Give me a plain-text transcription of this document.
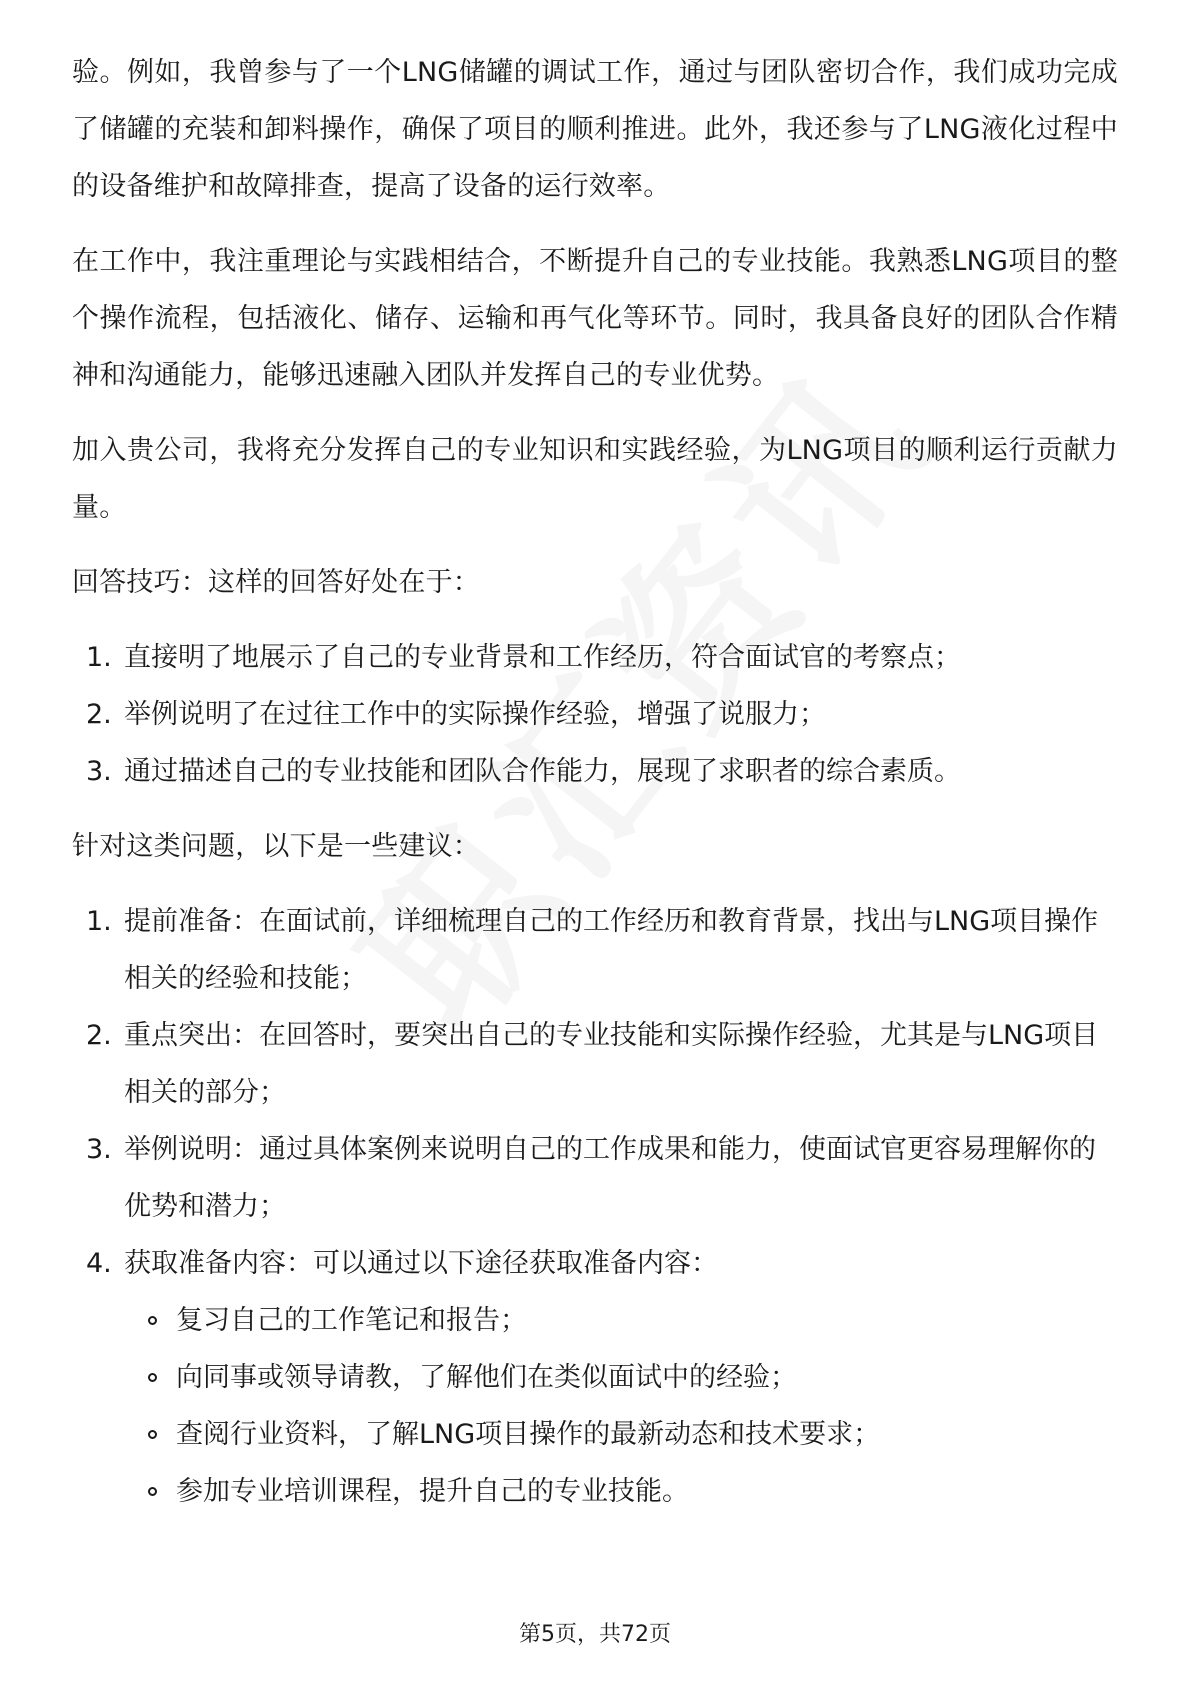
验。例如，我曾参与了一个LNG储罐的调试工作，通过与团队密切合作，我们成功完成了储罐的充装和卸料操作，确保了项目的顺利推进。此外，我还参与了LNG液化过程中的设备维护和故障排查，提高了设备的运行效率。

在工作中，我注重理论与实践相结合，不断提升自己的专业技能。我熟悉LNG项目的整个操作流程，包括液化、储存、运输和再气化等环节。同时，我具备良好的团队合作精神和沟通能力，能够迅速融入团队并发挥自己的专业优势。

加入贵公司，我将充分发挥自己的专业知识和实践经验，为LNG项目的顺利运行贡献力量。

回答技巧：这样的回答好处在于：

1. 直接明了地展示了自己的专业背景和工作经历，符合面试官的考察点；
2. 举例说明了在过往工作中的实际操作经验，增强了说服力；
3. 通过描述自己的专业技能和团队合作能力，展现了求职者的综合素质。

针对这类问题，以下是一些建议：

1. 提前准备：在面试前，详细梳理自己的工作经历和教育背景，找出与LNG项目操作相关的经验和技能；
2. 重点突出：在回答时，要突出自己的专业技能和实际操作经验，尤其是与LNG项目相关的部分；
3. 举例说明：通过具体案例来说明自己的工作成果和能力，使面试官更容易理解你的优势和潜力；
4. 获取准备内容：可以通过以下途径获取准备内容：
复习自己的工作笔记和报告；
向同事或领导请教，了解他们在类似面试中的经验；
查阅行业资料，了解LNG项目操作的最新动态和技术要求；
参加专业培训课程，提升自己的专业技能。
第5页，共72页
